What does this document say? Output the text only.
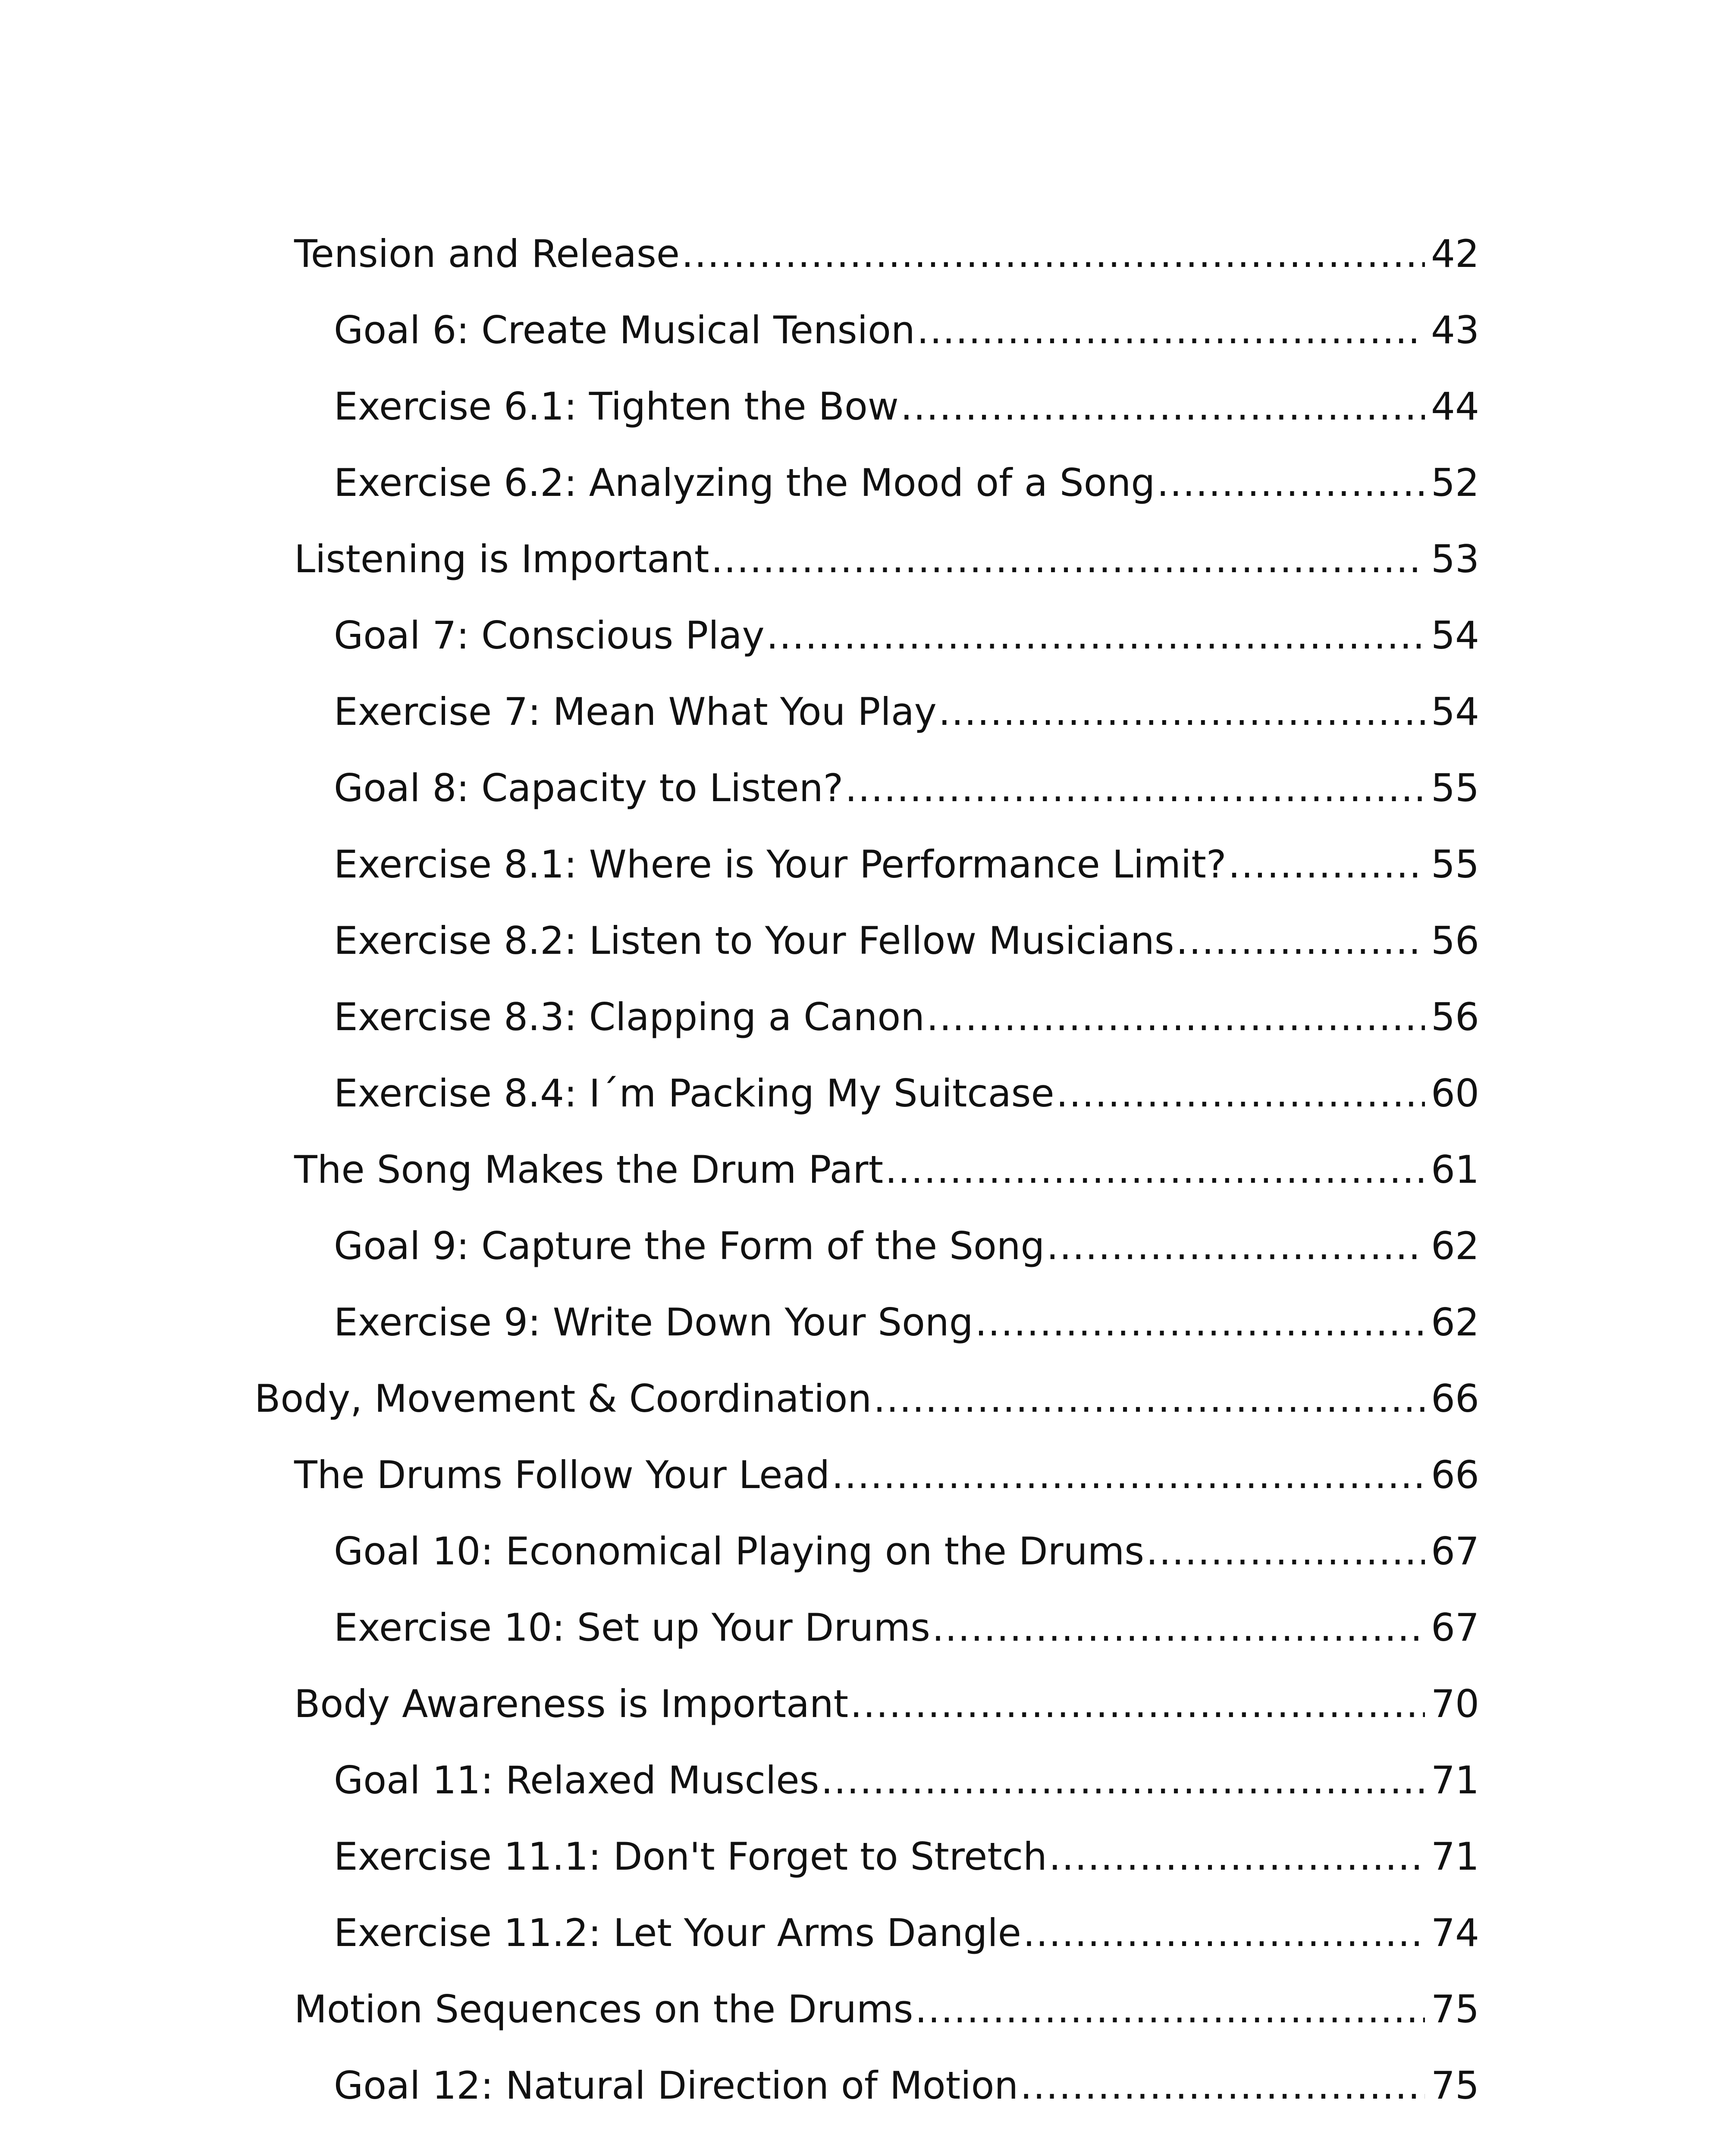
Tension and Release .....	42
Goal 6: Create Musical Tension .....	43
Exercise 6.1: Tighten the Bow .....	44
Exercise 6.2: Analyzing the Mood of a Song .....	52
Listening is Important .....	53
Goal 7: Conscious Play .....	54
Exercise 7: Mean What You Play .....	54
Goal 8: Capacity to Listen? .....	55
Exercise 8.1: Where is Your Performance Limit? .....	55
Exercise 8.2: Listen to Your Fellow Musicians .....	56
Exercise 8.3: Clapping a Canon .....	56
Exercise 8.4: I´m Packing My Suitcase .....	60
The Song Makes the Drum Part .....	61
Goal 9: Capture the Form of the Song .....	62
Exercise 9: Write Down Your Song .....	62
Body, Movement & Coordination .....	66
The Drums Follow Your Lead .....	66
Goal 10: Economical Playing on the Drums .....	67
Exercise 10: Set up Your Drums .....	67
Body Awareness is Important .....	70
Goal 11: Relaxed Muscles .....	71
Exercise 11.1: Don't Forget to Stretch .....	71
Exercise 11.2: Let Your Arms Dangle .....	74
Motion Sequences on the Drums .....	75
Goal 12: Natural Direction of Motion .....	75
